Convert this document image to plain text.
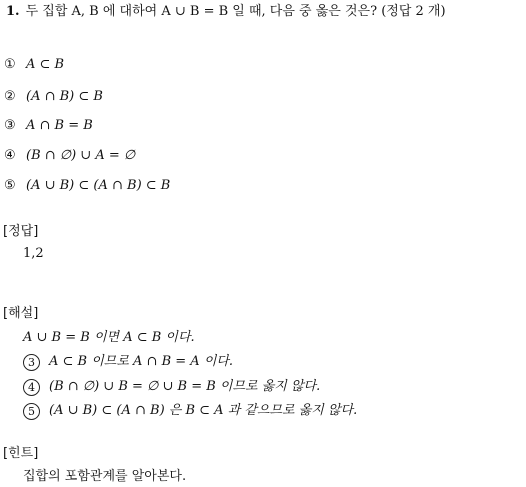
1. 두 집합 A, B 에 대하여 A ∪ B = B 일 때, 다음 중 옳은 것은? (정답 2 개)
① A ⊂ B
② (A ∩ B) ⊂ B
③ A ∩ B = B
④ (B ∩ ∅) ∪ A = ∅
⑤ (A ∪ B) ⊂ (A ∩ B) ⊂ B
[정답]
1,2
[해설]
A ∪ B = B 이면 A ⊂ B 이다.
3 A ⊂ B 이므로 A ∩ B = A 이다.
4 (B ∩ ∅) ∪ B = ∅ ∪ B = B 이므로 옳지 않다.
5 (A ∪ B) ⊂ (A ∩ B) 은 B ⊂ A 과 같으므로 옳지 않다.
[힌트]
집합의 포함관계를 알아본다.
